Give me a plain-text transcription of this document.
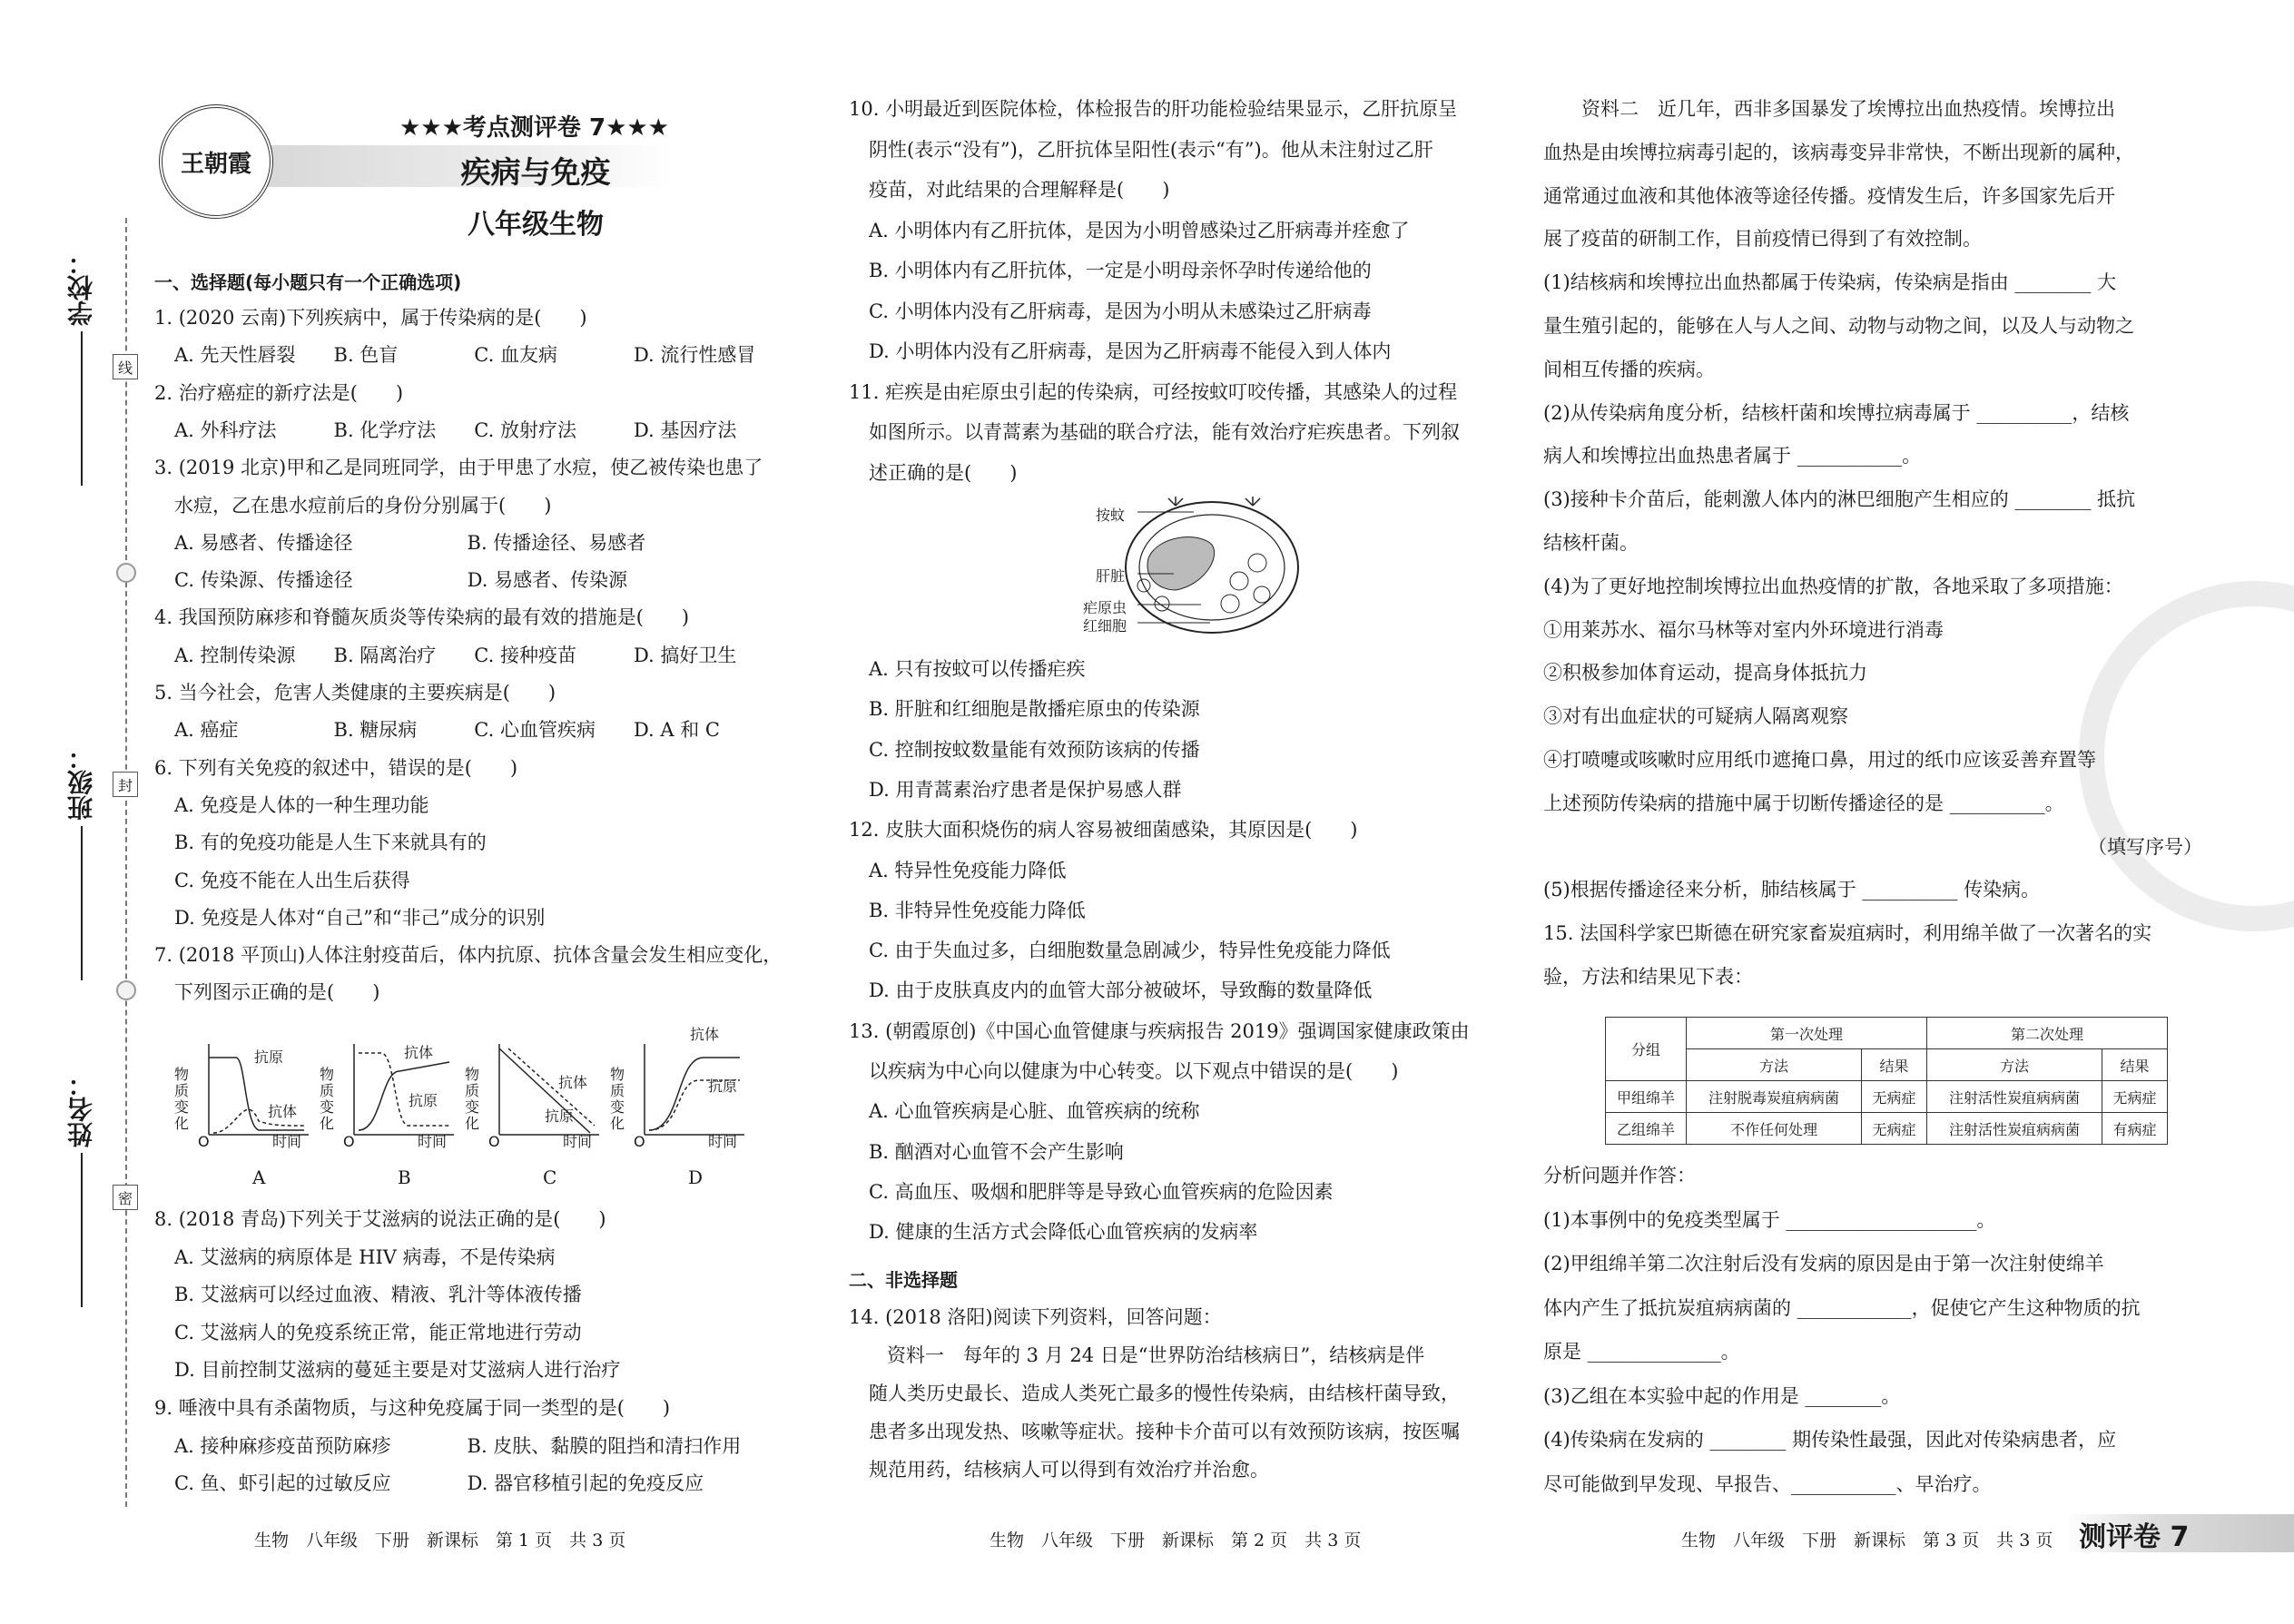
学校：
班级：
姓名：
线
封
密
王朝霞
★★★考点测评卷 7★★★
疾病与免疫
八年级生物
一、选择题(每小题只有一个正确选项)
1. (2020 云南)下列疾病中，属于传染病的是(　　)
A. 先天性唇裂　　B. 色盲　　　　C. 血友病　　　　D. 流行性感冒
2. 治疗癌症的新疗法是(　　)
A. 外科疗法　　　B. 化学疗法　　C. 放射疗法　　　D. 基因疗法
3. (2019 北京)甲和乙是同班同学，由于甲患了水痘，使乙被传染也患了
水痘，乙在患水痘前后的身份分别属于(　　)
A. 易感者、传播途径　　　　　　B. 传播途径、易感者
C. 传染源、传播途径　　　　　　D. 易感者、传染源
4. 我国预防麻疹和脊髓灰质炎等传染病的最有效的措施是(　　)
A. 控制传染源　　B. 隔离治疗　　C. 接种疫苗　　　D. 搞好卫生
5. 当今社会，危害人类健康的主要疾病是(　　)
A. 癌症　　　　　B. 糖尿病　　　C. 心血管疾病　　D. A 和 C
6. 下列有关免疫的叙述中，错误的是(　　)
A. 免疫是人体的一种生理功能
B. 有的免疫功能是人生下来就具有的
C. 免疫不能在人出生后获得
D. 免疫是人体对“自己”和“非己”成分的识别
7. (2018 平顶山)人体注射疫苗后，体内抗原、抗体含量会发生相应变化，
下列图示正确的是(　　)
物质变化
物质变化
物质变化
物质变化
抗原
抗体
抗体
抗原
抗体
抗原
抗体
抗原
O	O	O	O
时间	时间	时间	时间
A	B	C	D
8. (2018 青岛)下列关于艾滋病的说法正确的是(　　)
A. 艾滋病的病原体是 HIV 病毒，不是传染病
B. 艾滋病可以经过血液、精液、乳汁等体液传播
C. 艾滋病人的免疫系统正常，能正常地进行劳动
D. 目前控制艾滋病的蔓延主要是对艾滋病人进行治疗
9. 唾液中具有杀菌物质，与这种免疫属于同一类型的是(　　)
A. 接种麻疹疫苗预防麻疹　　　　B. 皮肤、黏膜的阻挡和清扫作用
C. 鱼、虾引起的过敏反应　　　　D. 器官移植引起的免疫反应
生物　八年级　下册　新课标　第 1 页　共 3 页
10. 小明最近到医院体检，体检报告的肝功能检验结果显示，乙肝抗原呈
阴性(表示“没有”)，乙肝抗体呈阳性(表示“有”)。他从未注射过乙肝
疫苗，对此结果的合理解释是(　　)
A. 小明体内有乙肝抗体，是因为小明曾感染过乙肝病毒并痊愈了
B. 小明体内有乙肝抗体，一定是小明母亲怀孕时传递给他的
C. 小明体内没有乙肝病毒，是因为小明从未感染过乙肝病毒
D. 小明体内没有乙肝病毒，是因为乙肝病毒不能侵入到人体内
11. 疟疾是由疟原虫引起的传染病，可经按蚊叮咬传播，其感染人的过程
如图所示。以青蒿素为基础的联合疗法，能有效治疗疟疾患者。下列叙
述正确的是(　　)
按蚊
肝脏
疟原虫
红细胞
A. 只有按蚊可以传播疟疾
B. 肝脏和红细胞是散播疟原虫的传染源
C. 控制按蚊数量能有效预防该病的传播
D. 用青蒿素治疗患者是保护易感人群
12. 皮肤大面积烧伤的病人容易被细菌感染，其原因是(　　)
A. 特异性免疫能力降低
B. 非特异性免疫能力降低
C. 由于失血过多，白细胞数量急剧减少，特异性免疫能力降低
D. 由于皮肤真皮内的血管大部分被破坏，导致酶的数量降低
13. (朝霞原创)《中国心血管健康与疾病报告 2019》强调国家健康政策由
以疾病为中心向以健康为中心转变。以下观点中错误的是(　　)
A. 心血管疾病是心脏、血管疾病的统称
B. 酗酒对心血管不会产生影响
C. 高血压、吸烟和肥胖等是导致心血管疾病的危险因素
D. 健康的生活方式会降低心血管疾病的发病率
二、非选择题
14. (2018 洛阳)阅读下列资料，回答问题：
　　资料一　每年的 3 月 24 日是“世界防治结核病日”，结核病是伴
随人类历史最长、造成人类死亡最多的慢性传染病，由结核杆菌导致，
患者多出现发热、咳嗽等症状。接种卡介苗可以有效预防该病，按医嘱
规范用药，结核病人可以得到有效治疗并治愈。
生物　八年级　下册　新课标　第 2 页　共 3 页
　　资料二　近几年，西非多国暴发了埃博拉出血热疫情。埃博拉出
血热是由埃博拉病毒引起的，该病毒变异非常快，不断出现新的属种，
通常通过血液和其他体液等途径传播。疫情发生后，许多国家先后开
展了疫苗的研制工作，目前疫情已得到了有效控制。
(1)结核病和埃博拉出血热都属于传染病，传染病是指由 ________ 大
量生殖引起的，能够在人与人之间、动物与动物之间，以及人与动物之
间相互传播的疾病。
(2)从传染病角度分析，结核杆菌和埃博拉病毒属于 __________，结核
病人和埃博拉出血热患者属于 ___________。
(3)接种卡介苗后，能刺激人体内的淋巴细胞产生相应的 ________ 抵抗
结核杆菌。
(4)为了更好地控制埃博拉出血热疫情的扩散，各地采取了多项措施：
①用莱苏水、福尔马林等对室内外环境进行消毒
②积极参加体育运动，提高身体抵抗力
③对有出血症状的可疑病人隔离观察
④打喷嚏或咳嗽时应用纸巾遮掩口鼻，用过的纸巾应该妥善弃置等
上述预防传染病的措施中属于切断传播途径的是 __________。
（填写序号）
(5)根据传播途径来分析，肺结核属于 __________ 传染病。
15. 法国科学家巴斯德在研究家畜炭疽病时，利用绵羊做了一次著名的实
验，方法和结果见下表：
分析问题并作答：
(1)本事例中的免疫类型属于 ____________________。
(2)甲组绵羊第二次注射后没有发病的原因是由于第一次注射使绵羊
体内产生了抵抗炭疽病病菌的 ____________，促使它产生这种物质的抗
原是 ______________。
(3)乙组在本实验中起的作用是 ________。
(4)传染病在发病的 ________ 期传染性最强，因此对传染病患者，应
尽可能做到早发现、早报告、___________、早治疗。
生物　八年级　下册　新课标　第 3 页　共 3 页
分组	第一次处理		第二次处理	
	方法	结果	方法	结果
甲组绵羊	注射脱毒炭疽病病菌	无病症	注射活性炭疽病病菌	无病症
乙组绵羊	不作任何处理	无病症	注射活性炭疽病病菌	有病症
测评卷 7
